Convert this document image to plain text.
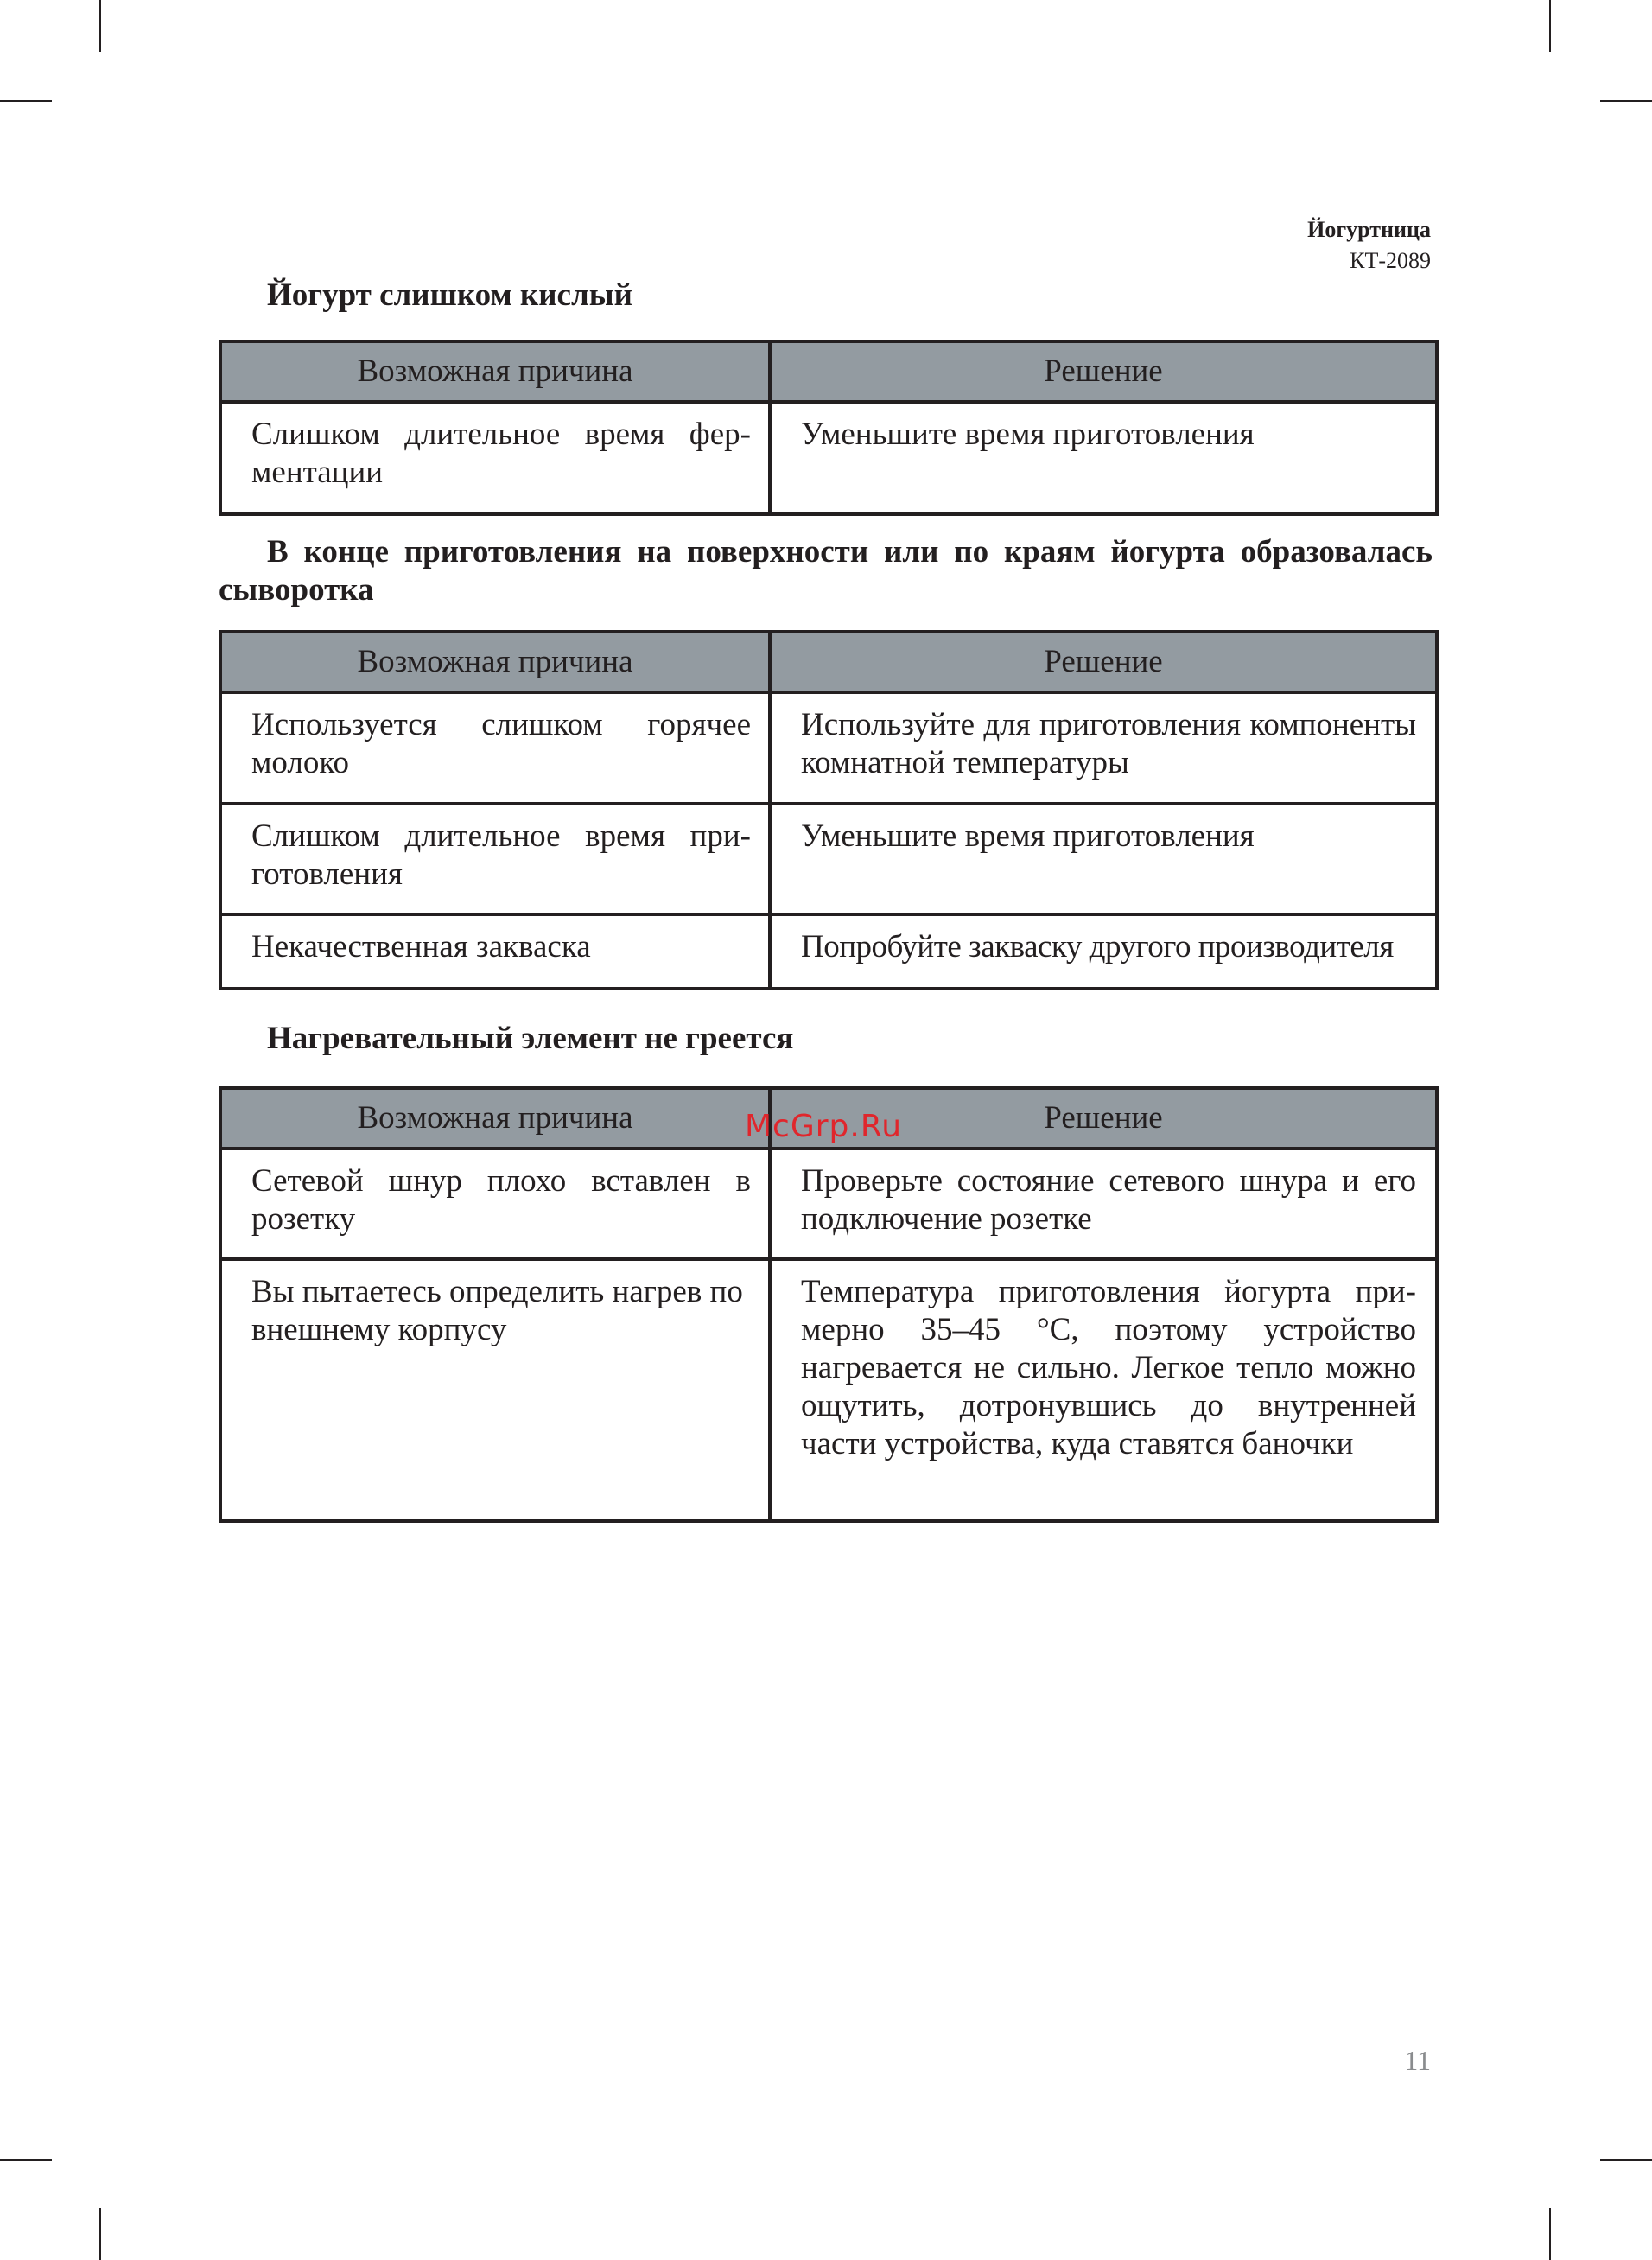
Йогуртница
КТ-2089
Йогурт слишком кислый
Возможная причина	Решение
Слишком длительное время ферментации	Уменьшите время приготовления
В конце приготовления на поверхности или по краям йогурта образовалась сыворотка
Возможная причина	Решение
Используется слишком горячее молоко	Используйте для приготовления компоненты комнатной температуры
Слишком длительное время приготовления	Уменьшите время приготовления
Некачественная закваска	Попробуйте закваску другого производителя
Нагревательный элемент не греется
Возможная причина	Решение
Сетевой шнур плохо вставлен в розетку	Проверьте состояние сетевого шнура и его подключение розетке
Вы пытаетесь определить нагрев по внешнему корпусу	Температура приготовления йогурта примерно 35–45 °С, поэтому устройство нагревается не сильно. Легкое тепло можно ощутить, дотронувшись до внутренней части устройства, куда ставятся баночки
McGrp.Ru
11
